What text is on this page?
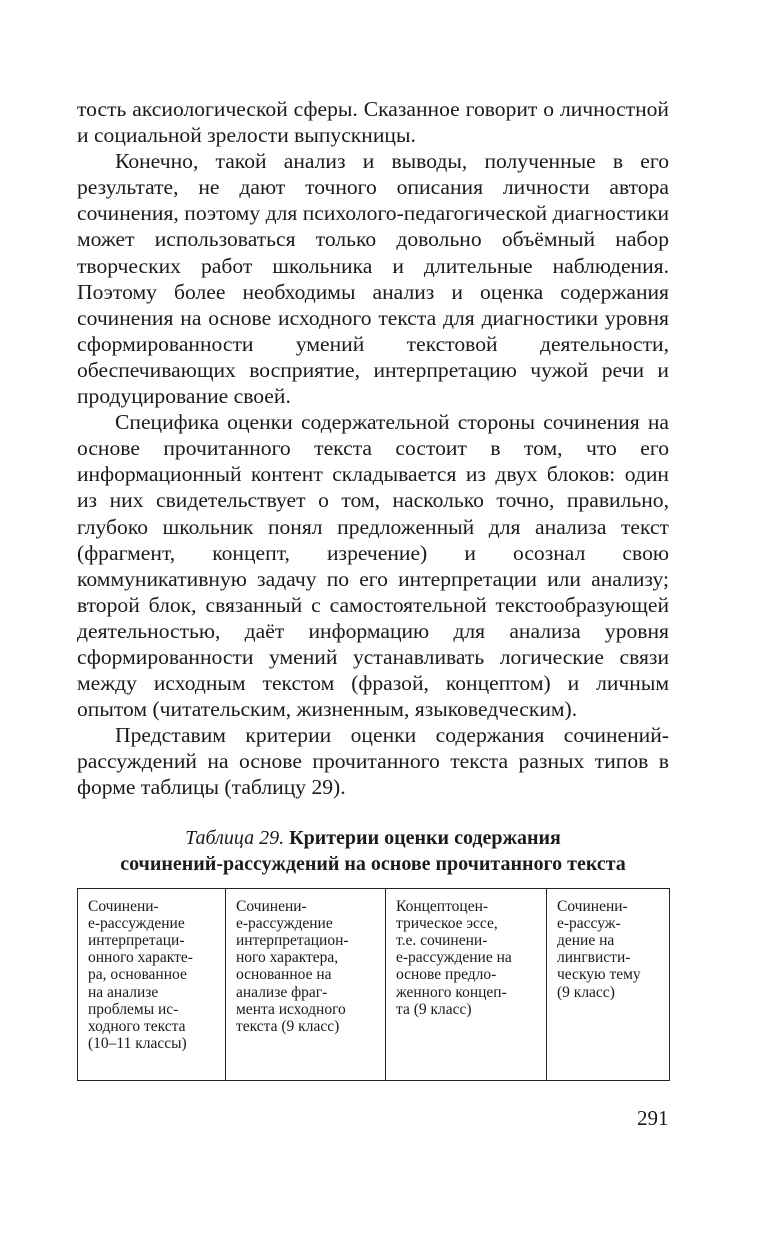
тость аксиологической сферы. Сказанное говорит о личностной и социальной зрелости выпускницы.

Конечно, такой анализ и выводы, полученные в его результате, не дают точного описания личности автора сочинения, поэтому для психолого-педагогической диагностики может использоваться только довольно объёмный набор творческих работ школьника и длительные наблюдения. Поэтому более необходимы анализ и оценка содержания сочинения на основе исходного текста для диагностики уровня сформированности умений текстовой деятельности, обеспечивающих восприятие, интерпретацию чужой речи и продуцирование своей.

Специфика оценки содержательной стороны сочинения на основе прочитанного текста состоит в том, что его информационный контент складывается из двух блоков: один из них свидетельствует о том, насколько точно, правильно, глубоко школьник понял предложенный для анализа текст (фрагмент, концепт, изречение) и осознал свою коммуникативную задачу по его интерпретации или анализу; второй блок, связанный с самостоятельной текстообразующей деятельностью, даёт информацию для анализа уровня сформированности умений устанавливать логические связи между исходным текстом (фразой, концептом) и личным опытом (читательским, жизненным, языковедческим).

Представим критерии оценки содержания сочинений-рассуждений на основе прочитанного текста разных типов в форме таблицы (таблицу 29).

Таблица 29. Критерии оценки содержания
сочинений-рассуждений на основе прочитанного текста
Сочинени-
е-рассуждение
интерпретаци-
онного характе-
ра, основанное
на анализе
проблемы ис-
ходного текста
(10–11 классы)	Сочинени-
е-рассуждение
интерпретацион-
ного характера,
основанное на
анализе фраг-
мента исходного
текста (9 класс)	Концептоцен-
трическое эссе,
т.е. сочинени-
е-рассуждение на
основе предло-
женного концеп-
та (9 класс)	Сочинени-
е-рассуж-
дение на
лингвисти-
ческую тему
(9 класс)
291
